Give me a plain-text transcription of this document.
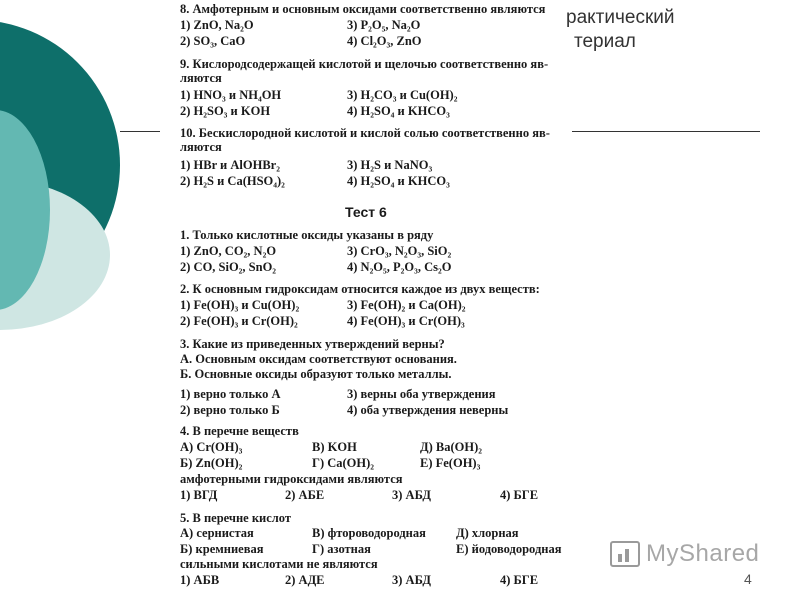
рактический
териал
8. Амфотерным и основным оксидами соответственно являются
1) ZnO, Na₂O	3) P₂O₅, Na₂O
2) SO₃, CaO	4) Cl₂O₃, ZnO
9. Кислородсодержащей кислотой и щелочью соответственно яв-
ляются
1) HNO₃ и NH₄OH	3) H₂CO₃ и Cu(OH)₂
2) H₂SO₃ и KOH	4) H₂SO₄ и KHCO₃
10. Бескислородной кислотой и кислой солью соответственно яв-
ляются
1) HBr и AlOHBr₂	3) H₂S и NaNO₃
2) H₂S и Ca(HSO₄)₂	4) H₂SO₄ и KHCO₃
Тест 6
1. Только кислотные оксиды указаны в ряду
1) ZnO, CO₂, N₂O	3) CrO₃, N₂O₃, SiO₂
2) CO, SiO₂, SnO₂	4) N₂O₅, P₂O₃, Cs₂O
2. К основным гидроксидам относится каждое из двух веществ:
1) Fe(OH)₃ и Cu(OH)₂	3) Fe(OH)₂ и Ca(OH)₂
2) Fe(OH)₃ и Cr(OH)₂	4) Fe(OH)₃ и Cr(OH)₃
3. Какие из приведенных утверждений верны?
А. Основным оксидам соответствуют основания.
Б. Основные оксиды образуют только металлы.
1) верно только А	3) верны оба утверждения
2) верно только Б	4) оба утверждения неверны
4. В перечне веществ
А) Cr(OH)₃	В) KOH	Д) Ba(OH)₂
Б) Zn(OH)₂	Г) Ca(OH)₂	Е) Fe(OH)₃
амфотерными гидроксидами являются
1) ВГД	2) АБЕ	3) АБД	4) БГЕ
5. В перечне кислот
А) сернистая	В) фтороводородная Д) хлорная
Б) кремниевая	Г) азотная	Е) йодоводородная
сильными кислотами не являются
1) АБВ	2) АДЕ	3) АБД	4) БГЕ
MyShared
4
